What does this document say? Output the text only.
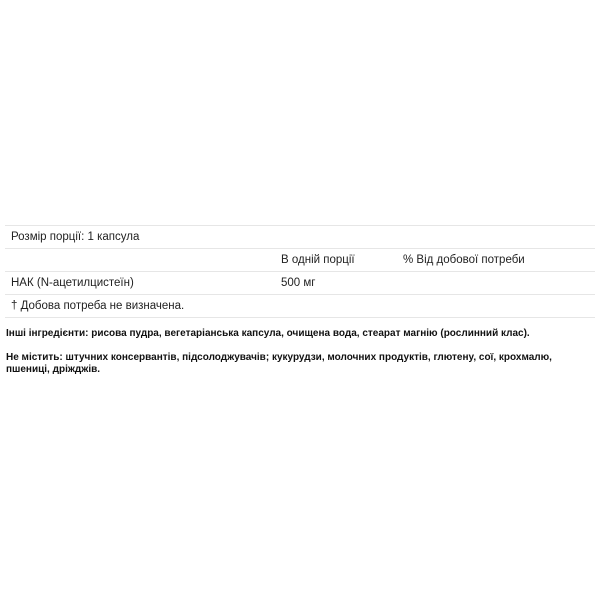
Розмір порції: 1 капсула
В одній порції	% Від добової потреби
НАК (N-ацетилцистеїн)	500 мг
† Добова потреба не визначена.

Інші інгредієнти: рисова пудра, вегетаріанська капсула, очищена вода, стеарат магнію (рослинний клас).

Не містить: штучних консервантів, підсолоджувачів; кукурудзи, молочних продуктів, глютену, сої, крохмалю, пшениці, дріжджів.
